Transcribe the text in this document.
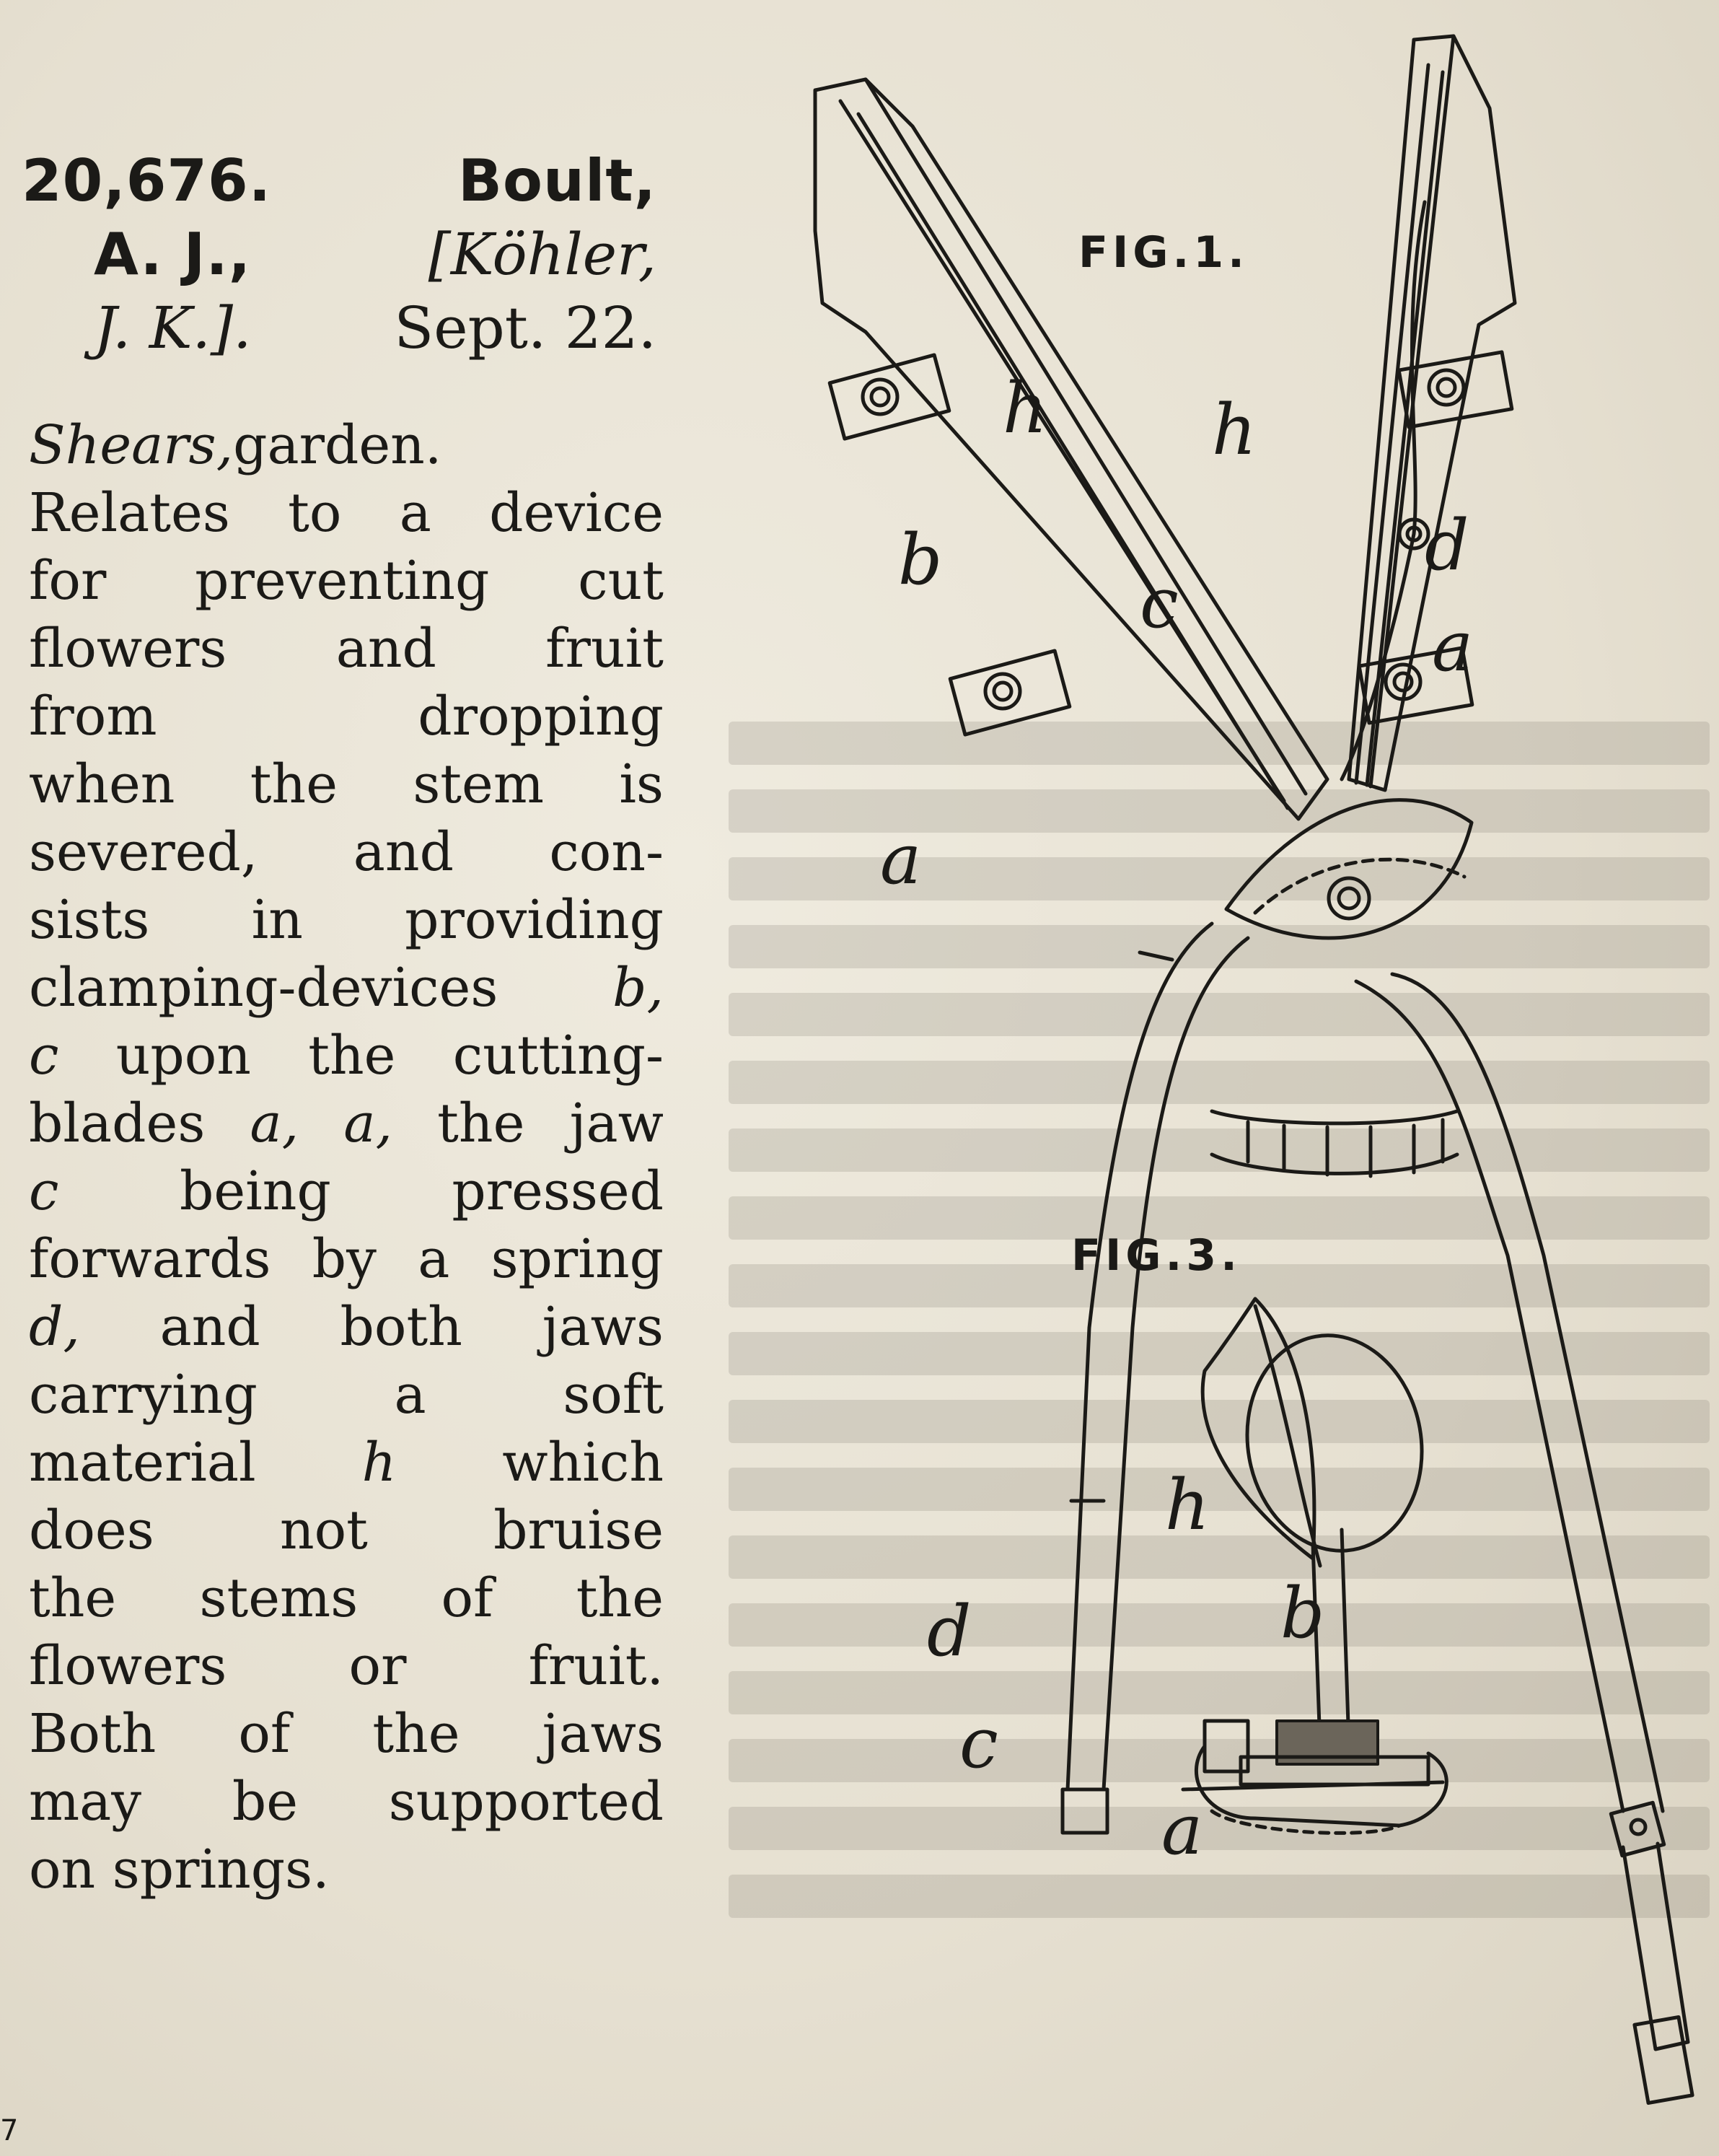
20,676.	Boult,
A. J.,	[Köhler,
J. K.]. Sept. 22.
Shears,garden.
Relates to a device
for preventing cut
flowers and fruit
from dropping
when the stem is
severed, and con-
sists in providing
clamping-devices b,
c upon the cutting-
blades a, a, the jaw
c being pressed
forwards by a spring
d, and both jaws
carrying a soft
material h which
does not bruise
the stems of the
flowers or fruit.
Both of the jaws
may be supported
on springs.
FIG.1.
FIG.3.
h h
b
c
d
a
a
h
b
d
c
a
7
